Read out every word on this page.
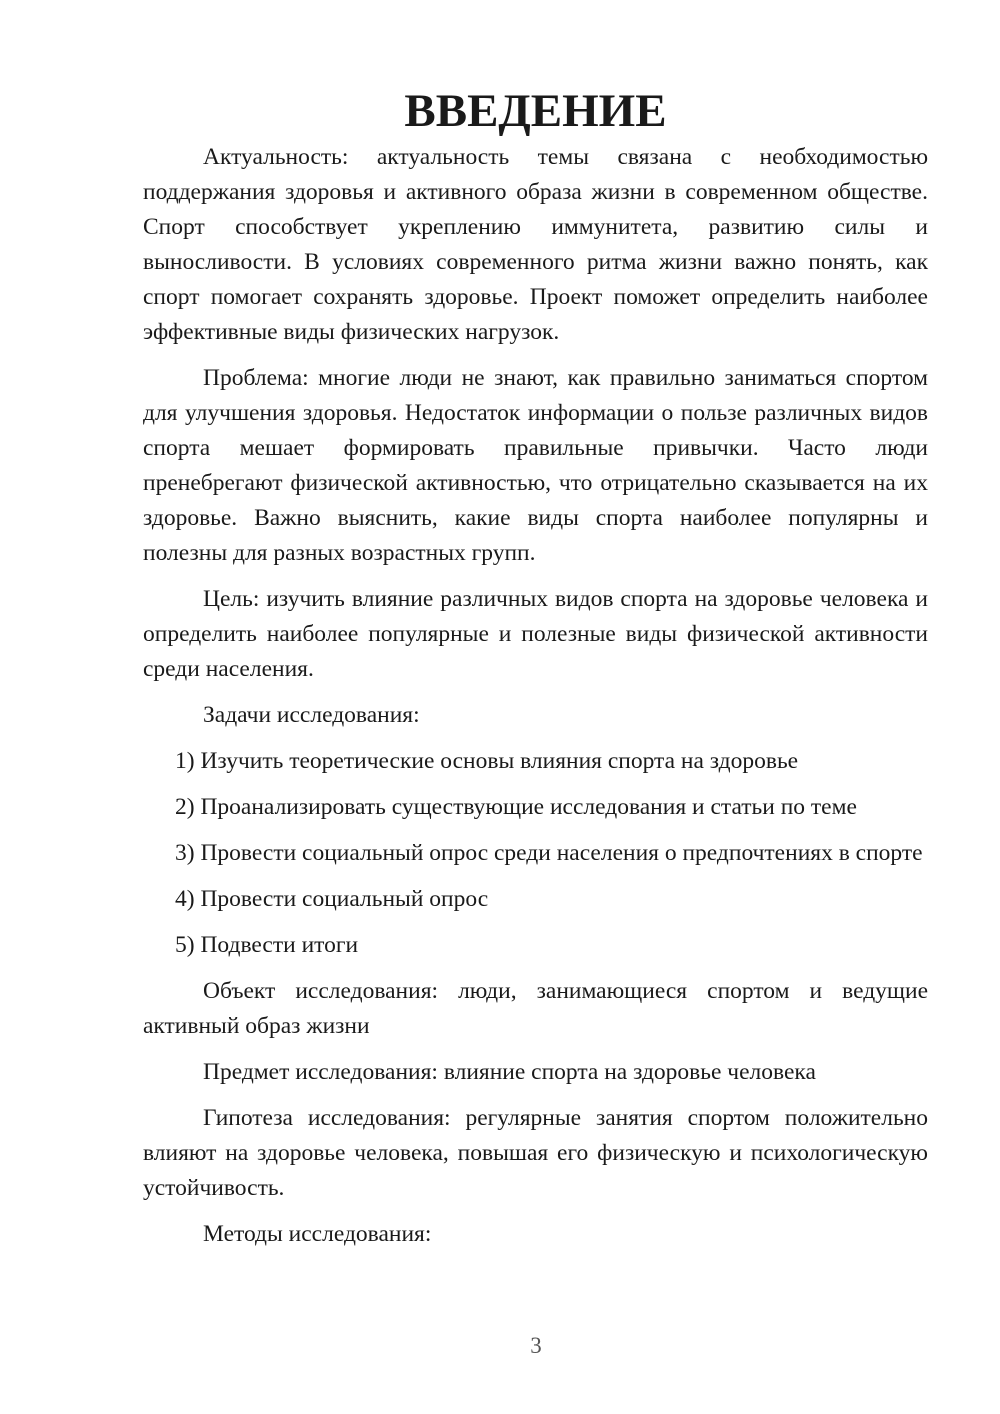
ВВЕДЕНИЕ

Актуальность: актуальность темы связана с необходимостью поддержания здоровья и активного образа жизни в современном обществе. Спорт способствует укреплению иммунитета, развитию силы и выносливости. В условиях современного ритма жизни важно понять, как спорт помогает сохранять здоровье. Проект поможет определить наиболее эффективные виды физических нагрузок.

Проблема: многие люди не знают, как правильно заниматься спортом для улучшения здоровья. Недостаток информации о пользе различных видов спорта мешает формировать правильные привычки. Часто люди пренебрегают физической активностью, что отрицательно сказывается на их здоровье. Важно выяснить, какие виды спорта наиболее популярны и полезны для разных возрастных групп.

Цель: изучить влияние различных видов спорта на здоровье человека и определить наиболее популярные и полезные виды физической активности среди населения.

Задачи исследования:

1) Изучить теоретические основы влияния спорта на здоровье

2) Проанализировать существующие исследования и статьи по теме

3) Провести социальный опрос среди населения о предпочтениях в спорте

4) Провести социальный опрос

5) Подвести итоги

Объект исследования: люди, занимающиеся спортом и ведущие активный образ жизни

Предмет исследования: влияние спорта на здоровье человека

Гипотеза исследования: регулярные занятия спортом положительно влияют на здоровье человека, повышая его физическую и психологическую устойчивость.

Методы исследования:

3
